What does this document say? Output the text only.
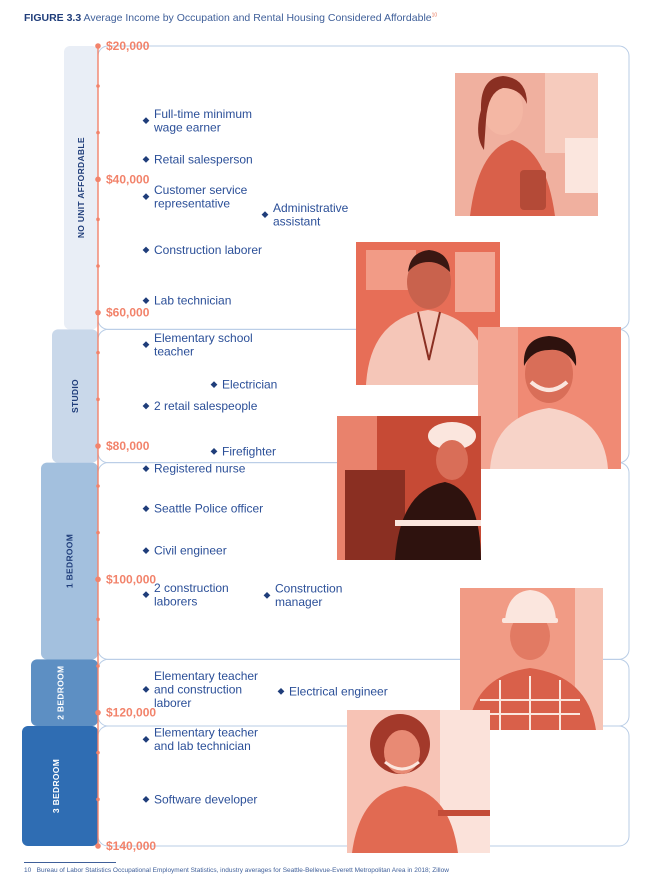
FIGURE 3.3 Average Income by Occupation and Rental Housing Considered Affordable$^{10}$
NO UNIT AFFORDABLE
STUDIO
1 BEDROOM
2 BEDROOM
3 BEDROOM
$20,000
$40,000
$60,000
$80,000
$100,000
$120,000
$140,000
Full-time minimum wage earner
Retail salesperson
Customer service representative	Administrative assistant
Construction laborer
Lab technician
Elementary school teacher
Electrician
2 retail salespeople
Firefighter
Registered nurse
Seattle Police officer
Civil engineer
2 construction laborers
Construction manager
Elementary teacher and construction laborer
Electrical engineer
Elementary teacher and lab technician
Software developer
10 Bureau of Labor Statistics Occupational Employment Statistics, industry averages for Seattle-Bellevue-Everett Metropolitan Area in 2018; Zillow
